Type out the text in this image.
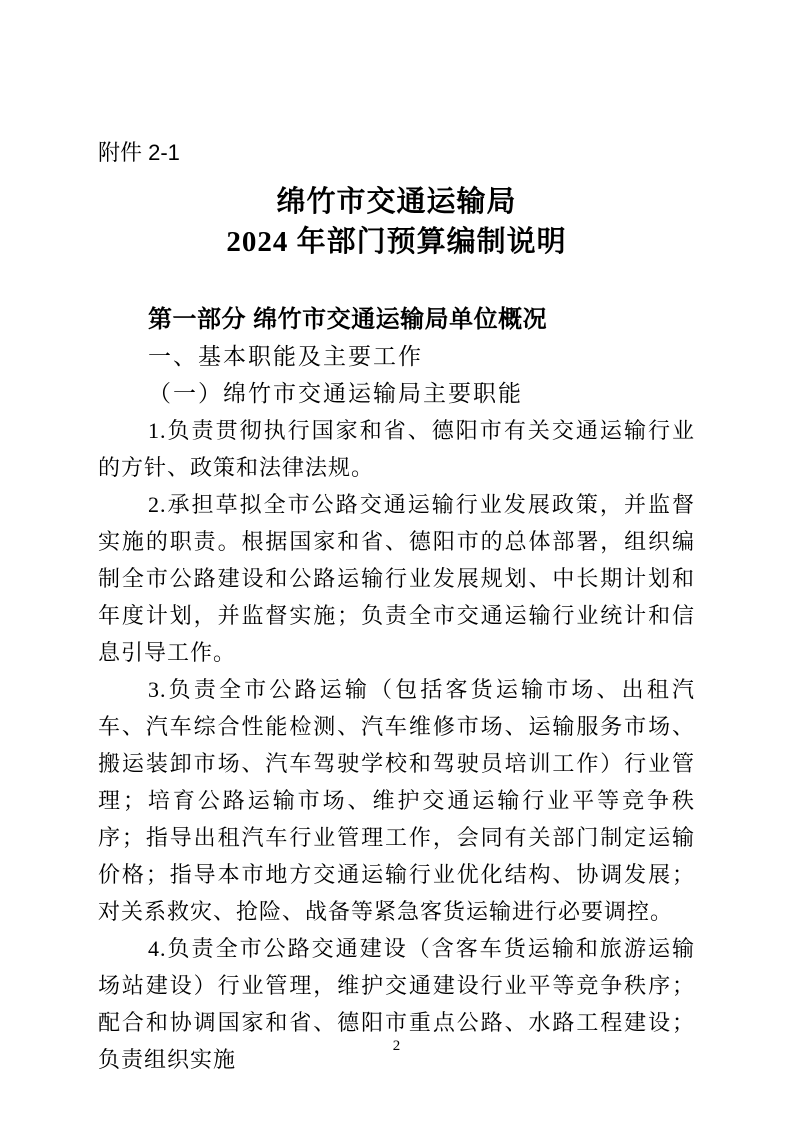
附件 2-1
绵竹市交通运输局
2024 年部门预算编制说明
第一部分 绵竹市交通运输局单位概况
一、基本职能及主要工作
（一）绵竹市交通运输局主要职能

1.负责贯彻执行国家和省、德阳市有关交通运输行业的方针、政策和法律法规。

2.承担草拟全市公路交通运输行业发展政策，并监督实施的职责。根据国家和省、德阳市的总体部署，组织编制全市公路建设和公路运输行业发展规划、中长期计划和年度计划，并监督实施；负责全市交通运输行业统计和信息引导工作。

3.负责全市公路运输（包括客货运输市场、出租汽车、汽车综合性能检测、汽车维修市场、运输服务市场、搬运装卸市场、汽车驾驶学校和驾驶员培训工作）行业管理；培育公路运输市场、维护交通运输行业平等竞争秩序；指导出租汽车行业管理工作，会同有关部门制定运输价格；指导本市地方交通运输行业优化结构、协调发展；对关系救灾、抢险、战备等紧急客货运输进行必要调控。

4.负责全市公路交通建设（含客车货运输和旅游运输场站建设）行业管理，维护交通建设行业平等竞争秩序；配合和协调国家和省、德阳市重点公路、水路工程建设；负责组织实施

2
